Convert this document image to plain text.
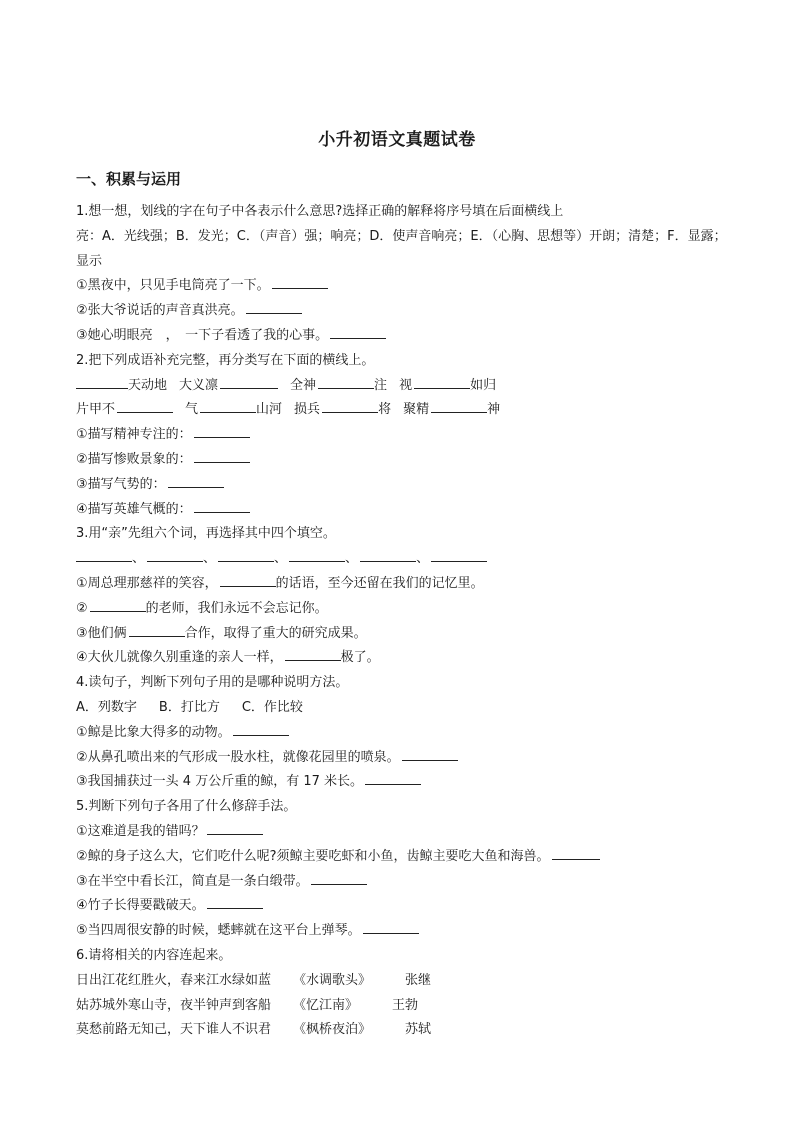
小升初语文真题试卷
一、积累与运用
1.想一想，划线的字在句子中各表示什么意思?选择正确的解释将序号填在后面横线上
亮：A．光线强；B．发光；C．（声音）强；响亮；D．使声音响亮；E．（心胸、思想等）开朗；清楚；F．显露；显示
①黑夜中，只见手电筒亮了一下。
②张大爷说话的声音真洪亮。
③她心明眼亮　，　一下子看透了我的心事。
2.把下列成语补充完整，再分类写在下面的横线上。
天动地 大义凛	全神	注 视	如归
片甲不	气	山河 损兵	将 聚精	神
①描写精神专注的：
②描写惨败景象的：
③描写气势的：
④描写英雄气概的：
3.用“亲”先组六个词，再选择其中四个填空。
、	、	、	、	、
①周总理那慈祥的笑容，	的话语，至今还留在我们的记忆里。
②	的老师，我们永远不会忘记你。
③他们俩	合作，取得了重大的研究成果。
④大伙儿就像久别重逢的亲人一样，	极了。
4.读句子，判断下列句子用的是哪种说明方法。
A．列数字 B．打比方 C．作比较
①鲸是比象大得多的动物。
②从鼻孔喷出来的气形成一股水柱，就像花园里的喷泉。
③我国捕获过一头 4 万公斤重的鲸，有 17 米长。
5.判断下列句子各用了什么修辞手法。
①这难道是我的错吗？
②鲸的身子这么大，它们吃什么呢?须鲸主要吃虾和小鱼，齿鲸主要吃大鱼和海兽。
③在半空中看长江，简直是一条白缎带。
④竹子长得要戳破天。
⑤当四周很安静的时候，蟋蟀就在这平台上弹琴。
6.请将相关的内容连起来。
日出江花红胜火，春来江水绿如蓝 《水调歌头》	张继
姑苏城外寒山寺，夜半钟声到客船 《忆江南》	王勃
莫愁前路无知己，天下谁人不识君 《枫桥夜泊》	苏轼
